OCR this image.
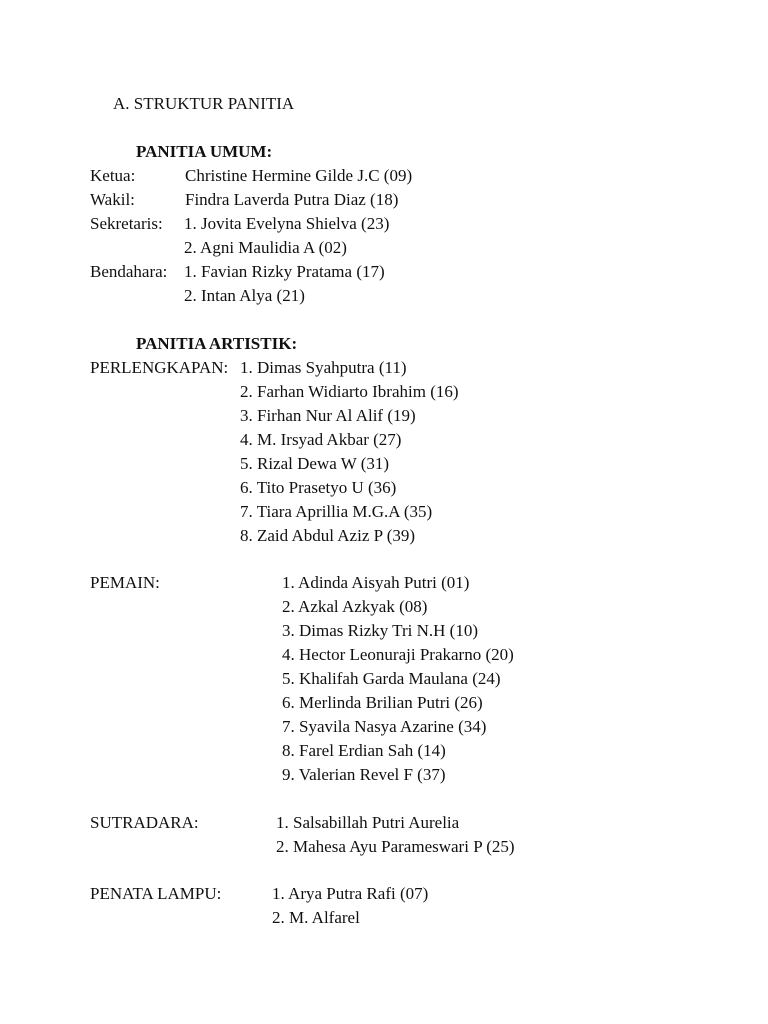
A. STRUKTUR PANITIA
PANITIA UMUM:
Ketua:	Christine Hermine Gilde J.C (09)
Wakil:	Findra Laverda Putra Diaz (18)
Sekretaris: 1. Jovita Evelyna Shielva (23)
2. Agni Maulidia A (02)
Bendahara: 1. Favian Rizky Pratama (17)
2. Intan Alya (21)
PANITIA ARTISTIK:
PERLENGKAPAN: 1. Dimas Syahputra (11)
2. Farhan Widiarto Ibrahim (16)
3. Firhan Nur Al Alif (19)
4. M. Irsyad Akbar (27)
5. Rizal Dewa W (31)
6. Tito Prasetyo U (36)
7. Tiara Aprillia M.G.A (35)
8. Zaid Abdul Aziz P (39)
PEMAIN:	1. Adinda Aisyah Putri (01)
2. Azkal Azkyak (08)
3. Dimas Rizky Tri N.H (10)
4. Hector Leonuraji Prakarno (20)
5. Khalifah Garda Maulana (24)
6. Merlinda Brilian Putri (26)
7. Syavila Nasya Azarine (34)
8. Farel Erdian Sah (14)
9. Valerian Revel F (37)
SUTRADARA:	1. Salsabillah Putri Aurelia
2. Mahesa Ayu Parameswari P (25)
PENATA LAMPU:	1. Arya Putra Rafi (07)
2. M. Alfarel
